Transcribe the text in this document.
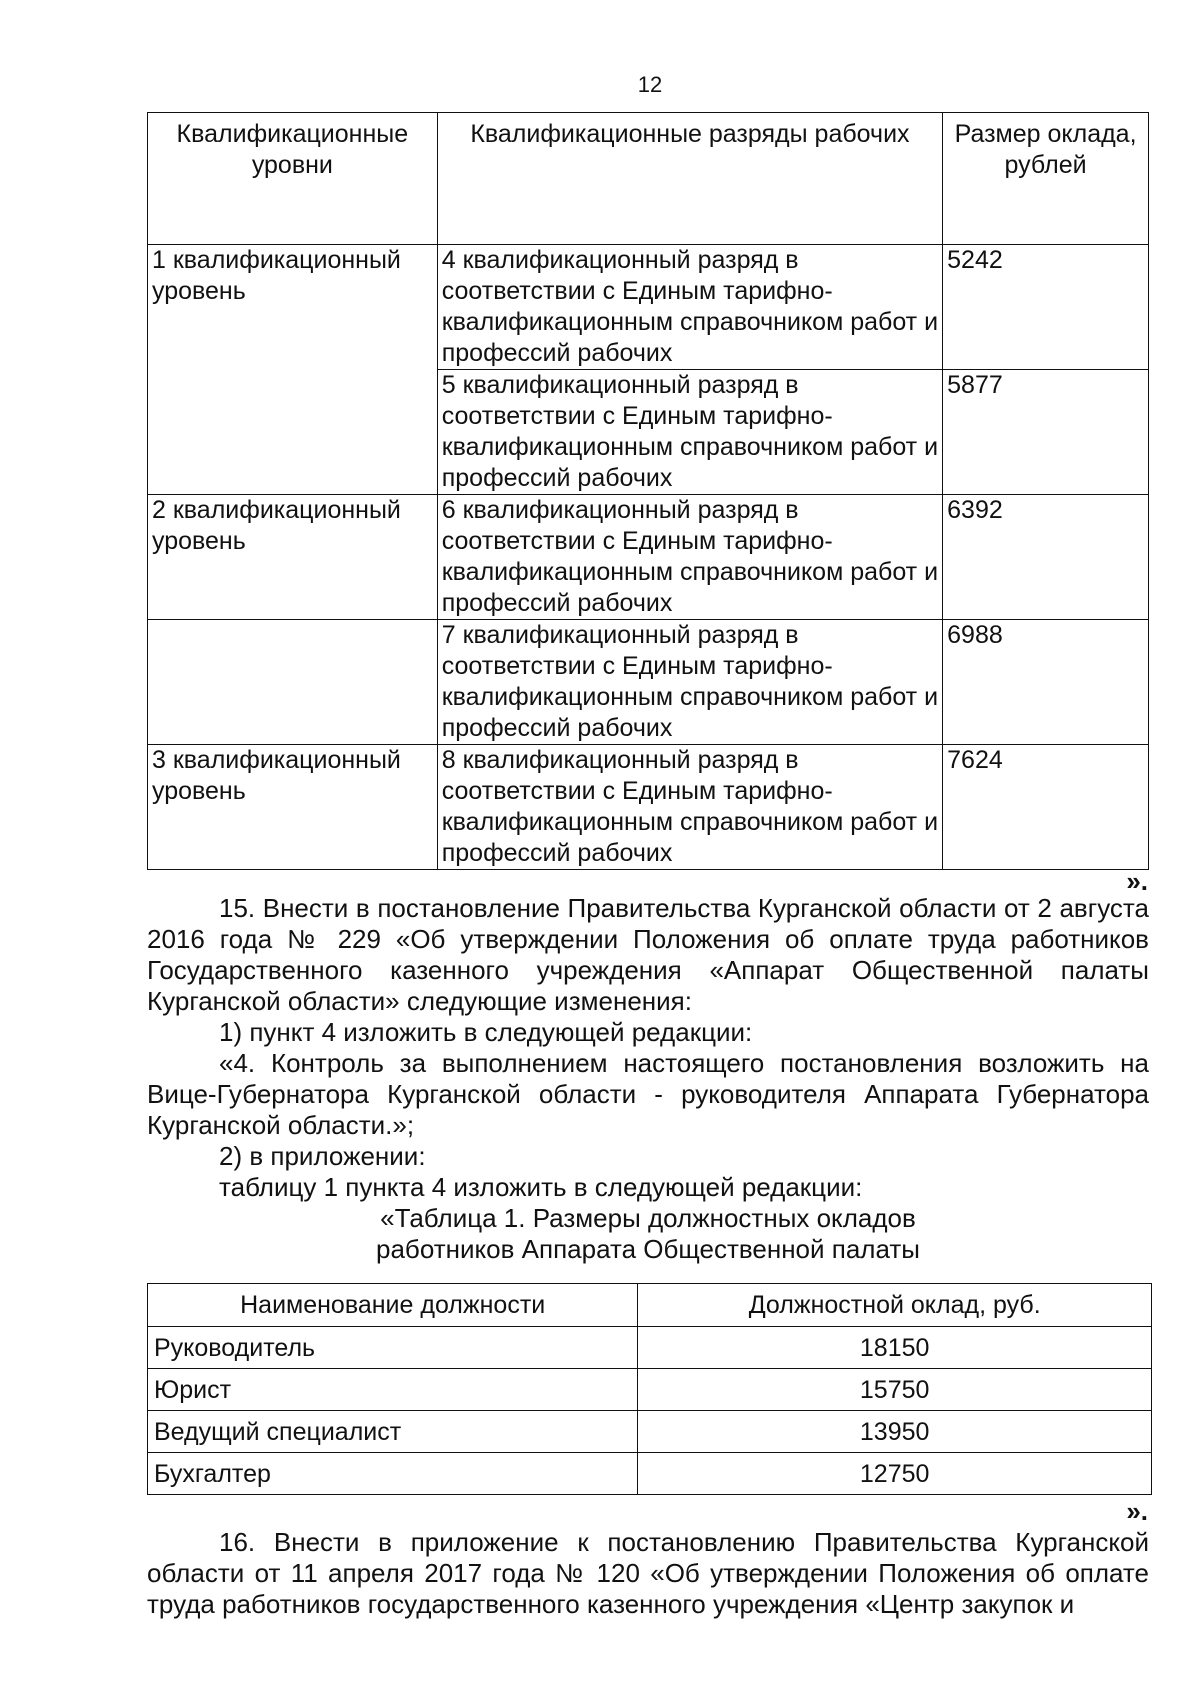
12
Квалификационные уровни	Квалификационные разряды рабочих	Размер оклада, рублей
1 квалификационный уровень	4 квалификационный разряд в соответствии с Единым тарифно-квалификационным справочником работ и профессий рабочих	5242
	5 квалификационный разряд в соответствии с Единым тарифно-квалификационным справочником работ и профессий рабочих	5877
2 квалификационный уровень	6 квалификационный разряд в соответствии с Единым тарифно-квалификационным справочником работ и профессий рабочих	6392
	7 квалификационный разряд в соответствии с Единым тарифно-квалификационным справочником работ и профессий рабочих	6988
3 квалификационный уровень	8 квалификационный разряд в соответствии с Единым тарифно-квалификационным справочником работ и профессий рабочих	7624
».
15. Внести в постановление Правительства Курганской области от 2 августа 2016 года № 229 «Об утверждении Положения об оплате труда работников Государственного казенного учреждения «Аппарат Общественной палаты Курганской области» следующие изменения:
1) пункт 4 изложить в следующей редакции:
«4. Контроль за выполнением настоящего постановления возложить на Вице-Губернатора Курганской области - руководителя Аппарата Губернатора Курганской области.»;
2) в приложении:
таблицу 1 пункта 4 изложить в следующей редакции:
«Таблица 1. Размеры должностных окладов
работников Аппарата Общественной палаты
Наименование должности	Должностной оклад, руб.
Руководитель	18150
Юрист	15750
Ведущий специалист	13950
Бухгалтер	12750
».
16. Внести в приложение к постановлению Правительства Курганской области от 11 апреля 2017 года № 120 «Об утверждении Положения об оплате труда работников государственного казенного учреждения «Центр закупок и
